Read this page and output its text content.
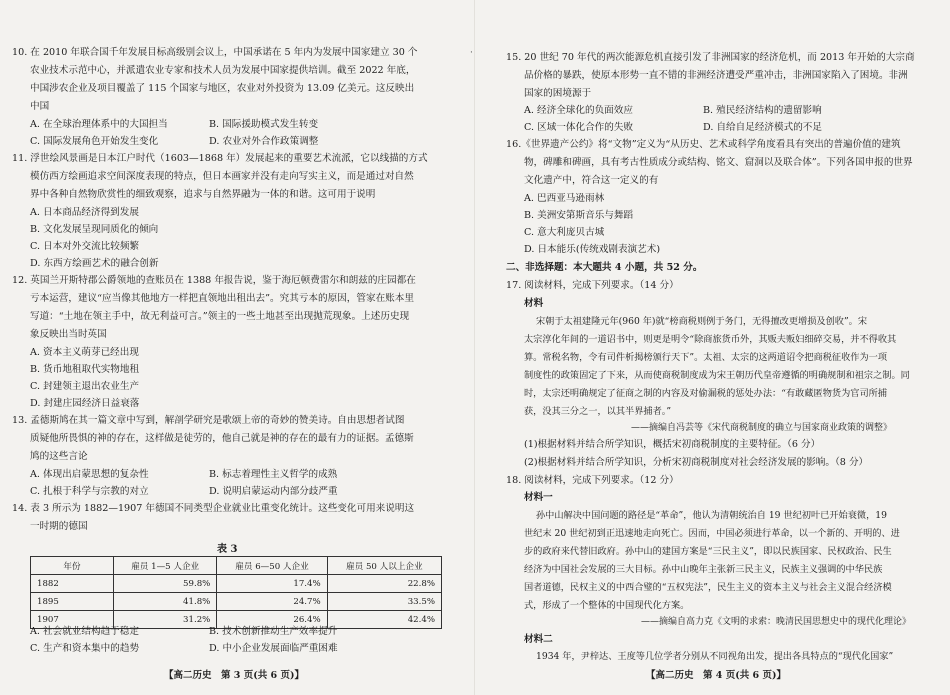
·
10. 在 2010 年联合国千年发展目标高级别会议上，中国承诺在 5 年内为发展中国家建立 30 个
农业技术示范中心，并派遣农业专家和技术人员为发展中国家提供培训。截至 2022 年底，
中国涉农企业及项目覆盖了 115 个国家与地区，农业对外投资为 13.09 亿美元。这反映出
中国
A. 在全球治理体系中的大国担当	B. 国际援助模式发生转变
C. 国际发展角色开始发生变化	D. 农业对外合作政策调整
11. 浮世绘风景画是日本江户时代（1603—1868 年）发展起来的重要艺术流派，它以线描的方式
模仿西方绘画追求空间深度表现的特点，但日本画家并没有走向写实主义，而是通过对自然
界中各种自然物欣赏性的细致观察，追求与自然界融为一体的和谐。这可用于说明
A. 日本商品经济得到发展
B. 文化发展呈现同质化的倾向
C. 日本对外交流比较频繁
D. 东西方绘画艺术的融合创新
12. 英国兰开斯特郡公爵领地的查账员在 1388 年报告说，鉴于海厄顿费雷尔和朗兹的庄园都在
亏本运营，建议“应当像其他地方一样把直领地出租出去”。究其亏本的原因，管家在账本里
写道：“土地在领主手中，故无利益可言。”领主的一些土地甚至出现抛荒现象。上述历史现
象反映出当时英国
A. 资本主义萌芽已经出现
B. 货币地租取代实物地租
C. 封建领主退出农业生产
D. 封建庄园经济日益衰落
13. 孟德斯鸠在其一篇文章中写到，解剖学研究是歌颂上帝的奇妙的赞美诗。自由思想者试图
质疑他所畏惧的神的存在，这样做是徒劳的，他自己就是神的存在的最有力的证据。孟德斯
鸠的这些言论
A. 体现出启蒙思想的复杂性	B. 标志着理性主义哲学的成熟
C. 扎根于科学与宗教的对立	D. 说明启蒙运动内部分歧严重
14. 表 3 所示为 1882—1907 年德国不同类型企业就业比重变化统计。这些变化可用来说明这
一时期的德国
表 3
年份	雇员 1—5 人企业	雇员 6—50 人企业	雇员 50 人以上企业
1882	59.8%	17.4%	22.8%
1895	41.8%	24.7%	33.5%
1907	31.2%	26.4%	42.4%
A. 社会就业结构趋于稳定	B. 技术创新推动生产效率提升
C. 生产和资本集中的趋势	D. 中小企业发展面临严重困难
【高二历史　第 3 页(共 6 页)】
15. 20 世纪 70 年代的两次能源危机直接引发了非洲国家的经济危机，而 2013 年开始的大宗商
品价格的暴跌，使原本形势一直不错的非洲经济遭受严重冲击，非洲国家陷入了困境。非洲
国家的困境源于
A. 经济全球化的负面效应	B. 殖民经济结构的遗留影响
C. 区域一体化合作的失败	D. 自给自足经济模式的不足
16.《世界遗产公约》将“文物”定义为“从历史、艺术或科学角度看具有突出的普遍价值的建筑
物，碑雕和碑画，具有考古性质成分或结构、铭文、窟洞以及联合体”。下列各国申报的世界
文化遗产中，符合这一定义的有
A. 巴西亚马逊雨林
B. 美洲安第斯音乐与舞蹈
C. 意大利庞贝古城
D. 日本能乐(传统戏剧表演艺术)
二、非选择题：本大题共 4 小题，共 52 分。
17. 阅读材料，完成下列要求。（14 分）
材料
宋朝于太祖建隆元年(960 年)就“榜商税则例于务门，无得擅改更增损及创收”。宋
太宗淳化年间的一道诏书中，则更是明令“除商旅货币外，其贩夫贩妇细碎交易，并不得收其
算。常税名物，令有司件析揭榜颁行天下”。太祖、太宗的这两道诏令把商税征收作为一项
制度性的政策固定了下来，从而使商税制度成为宋王朝历代皇帝遵循的明确规制和祖宗之制。同
时，太宗还明确规定了征商之制的内容及对偷漏税的惩处办法：“有敢藏匿物货为官司所捕
获，没其三分之一，以其半界捕者。”
——摘编自冯芸等《宋代商税制度的确立与国家商业政策的调整》
(1)根据材料并结合所学知识，概括宋初商税制度的主要特征。（6 分）
(2)根据材料并结合所学知识，分析宋初商税制度对社会经济发展的影响。（8 分）
18. 阅读材料，完成下列要求。（12 分）
材料一
孙中山解决中国问题的路径是“革命”，他认为清朝统治自 19 世纪初叶已开始衰微，19
世纪末 20 世纪初到正迅速地走向死亡。因而，中国必须进行革命，以一个新的、开明的、进
步的政府来代替旧政府。孙中山的建国方案是“三民主义”，即以民族国家、民权政治、民生
经济为中国社会发展的三大目标。孙中山晚年主张新三民主义，民族主义强调的中华民族
国者道德，民权主义的中西合璧的“五权宪法”，民生主义的资本主义与社会主义混合经济模
式，形成了一个整体的中国现代化方案。
——摘编自高力克《文明的求索：晚清民国思想史中的现代化理论》
材料二
1934 年，尹梓达、王度等几位学者分别从不同视角出发，提出各具特点的“现代化国家”
【高二历史　第 4 页(共 6 页)】
